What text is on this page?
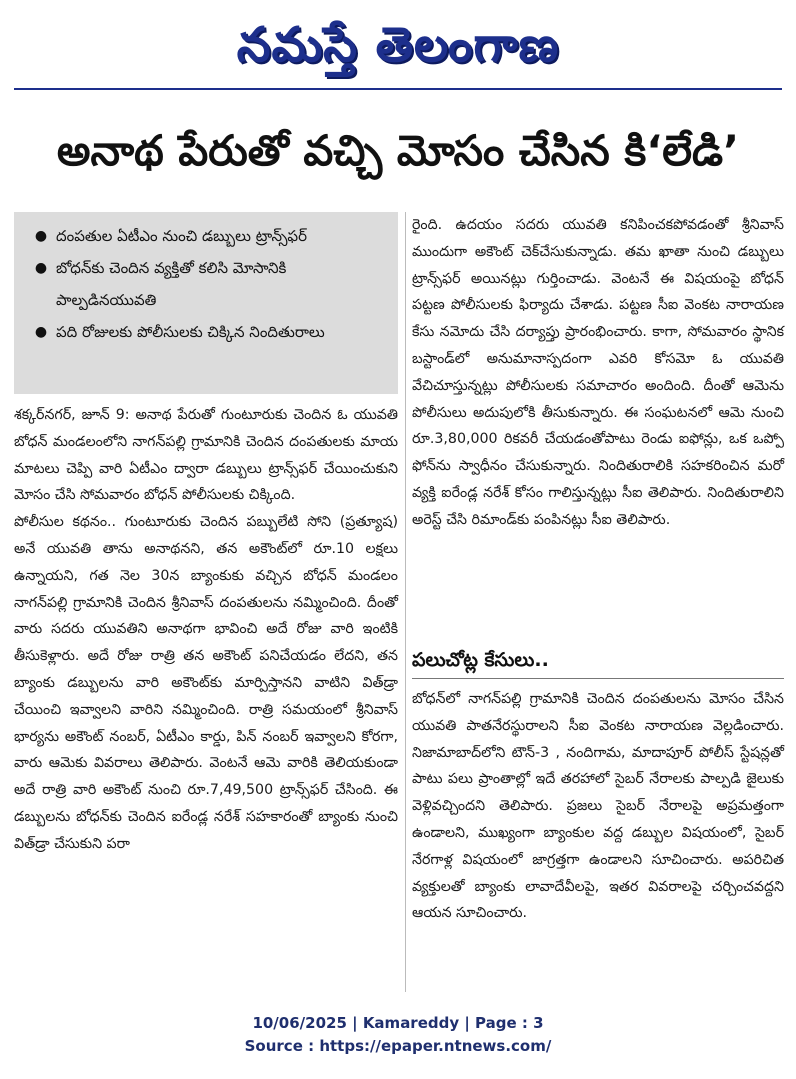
నమస్తే తెలంగాణ
అనాథ పేరుతో వచ్చి మోసం చేసిన కి‘లేడి’
● దంపతుల ఏటీఎం నుంచి డబ్బులు ట్రాన్స్‌ఫర్
● బోధన్‌కు చెందిన వ్యక్తితో కలిసి మోసానికి పాల్పడినయువతి
● పది రోజులకు పోలీసులకు చిక్కిన నిందితురాలు

శక్కర్‌నగర్, జూన్ 9: అనాథ పేరుతో గుంటూరుకు చెందిన ఓ యువతి బోధన్ మండలంలోని నాగన్‌పల్లి గ్రామానికి చెందిన దంపతులకు మాయ మాటలు చెప్పి వారి ఏటీఎం ద్వారా డబ్బులు ట్రాన్స్‌ఫర్ చేయించుకుని మోసం చేసి సోమవారం బోధన్ పోలీసులకు చిక్కింది.

పోలీసుల కథనం.. గుంటూరుకు చెందిన పబ్బులేటి సోని (ప్రత్యూష) అనే యువతి తాను అనాథనని, తన అకౌంట్‌లో రూ.10 లక్షలు ఉన్నాయని, గత నెల 30న బ్యాంకుకు వచ్చిన బోధన్ మండలం నాగన్‌పల్లి గ్రామానికి చెందిన శ్రీనివాస్ దంపతులను నమ్మించింది. దీంతో వారు సదరు యువతిని అనాథగా భావించి అదే రోజు వారి ఇంటికి తీసుకెళ్లారు. అదే రోజు రాత్రి తన అకౌంట్ పనిచేయడం లేదని, తన బ్యాంకు డబ్బులను వారి అకౌంట్‌కు మార్పిస్తానని వాటిని విత్‌డ్రా చేయించి ఇవ్వాలని వారిని నమ్మించింది. రాత్రి సమయంలో శ్రీనివాస్ భార్యను అకౌంట్ నంబర్, ఏటీఎం కార్డు, పిన్ నంబర్ ఇవ్వాలని కోరగా, వారు ఆమెకు వివరాలు తెలిపారు. వెంటనే ఆమె వారికి తెలియకుండా అదే రాత్రి వారి అకౌంట్ నుంచి రూ.7,49,500 ట్రాన్స్‌ఫర్ చేసింది. ఈ డబ్బులను బోధన్‌కు చెందిన ఐరేండ్ల నరేశ్ సహకారంతో బ్యాంకు నుంచి విత్‌డ్రా చేసుకుని పరా

రైంది. ఉదయం సదరు యువతి కనిపించకపోవడంతో శ్రీనివాస్ ముందుగా అకౌంట్ చెక్‌చేసుకున్నాడు. తమ ఖాతా నుంచి డబ్బులు ట్రాన్స్‌ఫర్ అయినట్లు గుర్తించాడు. వెంటనే ఈ విషయంపై బోధన్ పట్టణ పోలీసులకు ఫిర్యాదు చేశాడు. పట్టణ సీఐ వెంకట నారాయణ కేసు నమోదు చేసి దర్యాప్తు ప్రారంభించారు. కాగా, సోమవారం స్థానిక బస్టాండ్‌లో అనుమానాస్పదంగా ఎవరి కోసమో ఓ యువతి వేచిచూస్తున్నట్లు పోలీసులకు సమాచారం అందింది. దీంతో ఆమెను పోలీసులు అదుపులోకి తీసుకున్నారు. ఈ సంఘటనలో ఆమె నుంచి రూ.3,80,000 రికవరీ చేయడంతోపాటు రెండు ఐఫోన్లు, ఒక ఒప్పో ఫోన్‌ను స్వాధీనం చేసుకున్నారు. నిందితురాలికి సహకరించిన మరో వ్యక్తి ఐరేండ్ల నరేశ్ కోసం గాలిస్తున్నట్లు సీఐ తెలిపారు. నిందితురాలిని అరెస్ట్ చేసి రిమాండ్‌కు పంపినట్లు సీఐ తెలిపారు.

పలుచోట్ల కేసులు..

బోధన్‌లో నాగన్‌పల్లి గ్రామానికి చెందిన దంపతులను మోసం చేసిన యువతి పాతనేరస్థురాలని సీఐ వెంకట నారాయణ వెల్లడించారు. నిజామాబాద్‌లోని టౌన్-3 , నందిగామ, మాదాపూర్ పోలీస్ స్టేషన్లతో పాటు పలు ప్రాంతాల్లో ఇదే తరహాలో సైబర్ నేరాలకు పాల్పడి జైలుకు వెళ్లివచ్చిందని తెలిపారు. ప్రజలు సైబర్ నేరాలపై అప్రమత్తంగా ఉండాలని, ముఖ్యంగా బ్యాంకుల వద్ద డబ్బుల విషయంలో, సైబర్ నేరగాళ్ల విషయంలో జాగ్రత్తగా ఉండాలని సూచించారు. అపరిచిత వ్యక్తులతో బ్యాంకు లావాదేవీలపై, ఇతర వివరాలపై చర్చించవద్దని ఆయన సూచించారు.

10/06/2025 | Kamareddy | Page : 3
Source : https://epaper.ntnews.com/
